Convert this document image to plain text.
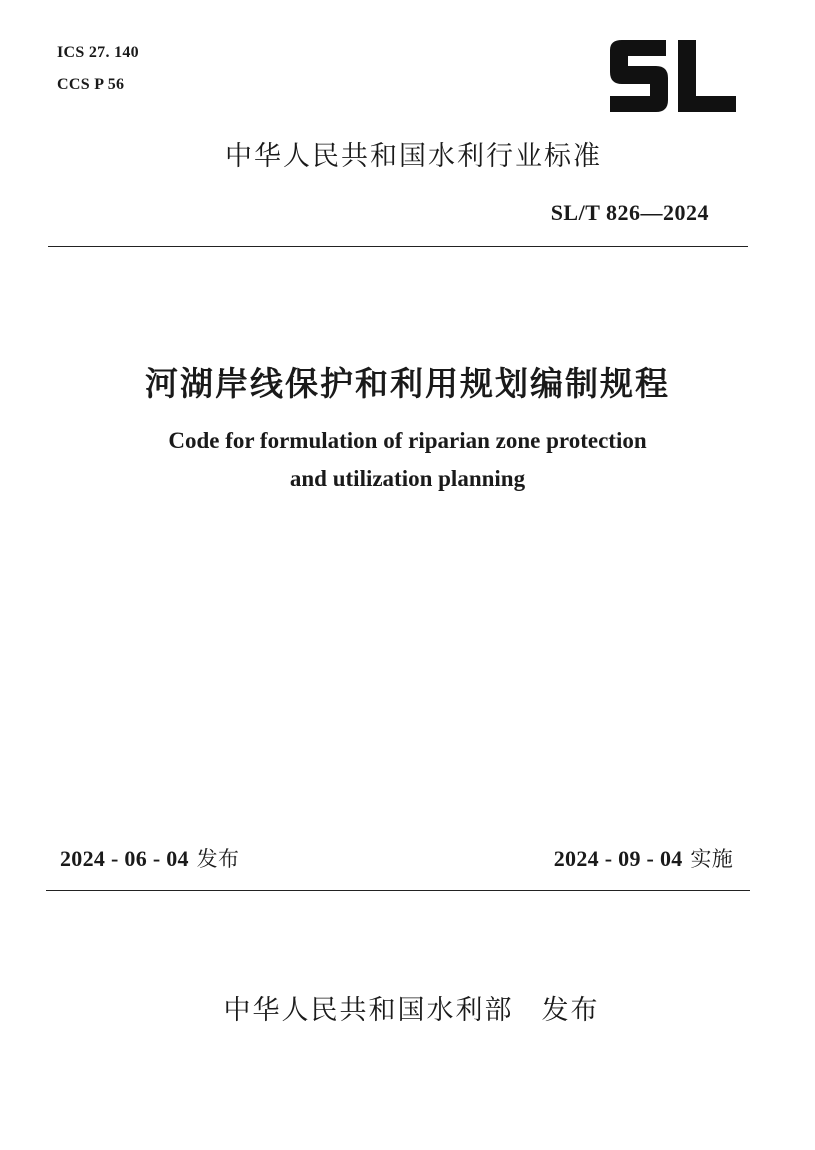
ICS 27. 140
CCS P 56
中华人民共和国水利行业标准
SL/T 826—2024
河湖岸线保护和利用规划编制规程
Code for formulation of riparian zone protection
and utilization planning
2024 - 06 - 04 发布	2024 - 09 - 04 实施
中华人民共和国水利部 发布
